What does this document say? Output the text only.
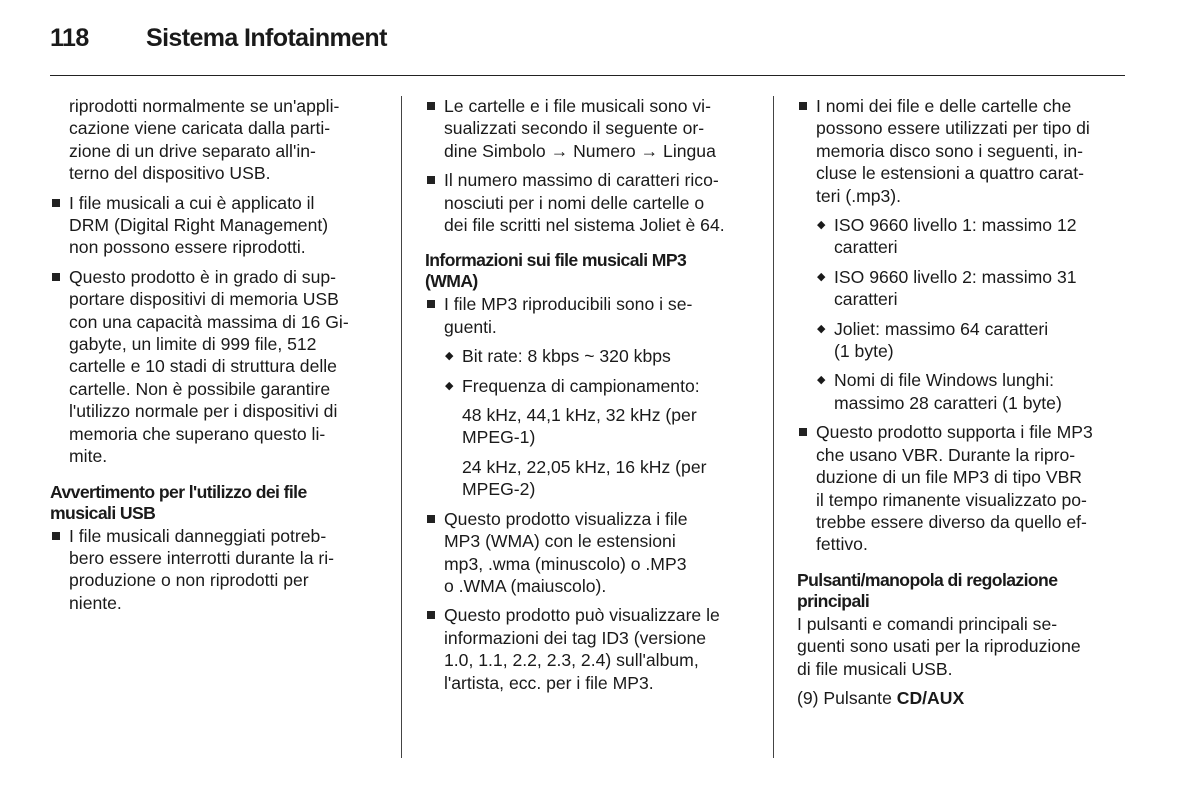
118	Sistema Infotainment
riprodotti normalmente se un'appli-
cazione viene caricata dalla parti-
zione di un drive separato all'in-
terno del dispositivo USB.
I file musicali a cui è applicato il
DRM (Digital Right Management)
non possono essere riprodotti.
Questo prodotto è in grado di sup-
portare dispositivi di memoria USB
con una capacità massima di 16 Gi-
gabyte, un limite di 999 file, 512
cartelle e 10 stadi di struttura delle
cartelle. Non è possibile garantire
l'utilizzo normale per i dispositivi di
memoria che superano questo li-
mite.
Avvertimento per l'utilizzo dei file
musicali USB
I file musicali danneggiati potreb-
bero essere interrotti durante la ri-
produzione o non riprodotti per
niente.
Le cartelle e i file musicali sono vi-
sualizzati secondo il seguente or-
dine Simbolo → Numero → Lingua
Il numero massimo di caratteri rico-
nosciuti per i nomi delle cartelle o
dei file scritti nel sistema Joliet è 64.
Informazioni sui file musicali MP3
(WMA)
I file MP3 riproducibili sono i se-
guenti.
◆ Bit rate: 8 kbps ~ 320 kbps
◆ Frequenza di campionamento:
48 kHz, 44,1 kHz, 32 kHz (per
MPEG-1)
24 kHz, 22,05 kHz, 16 kHz (per
MPEG-2)
Questo prodotto visualizza i file
MP3 (WMA) con le estensioni
mp3, .wma (minuscolo) o .MP3
o .WMA (maiuscolo).
Questo prodotto può visualizzare le
informazioni dei tag ID3 (versione
1.0, 1.1, 2.2, 2.3, 2.4) sull'album,
l'artista, ecc. per i file MP3.
I nomi dei file e delle cartelle che
possono essere utilizzati per tipo di
memoria disco sono i seguenti, in-
cluse le estensioni a quattro carat-
teri (.mp3).
◆ ISO 9660 livello 1: massimo 12
caratteri
◆ ISO 9660 livello 2: massimo 31
caratteri
◆ Joliet: massimo 64 caratteri
(1 byte)
◆ Nomi di file Windows lunghi:
massimo 28 caratteri (1 byte)
Questo prodotto supporta i file MP3
che usano VBR. Durante la ripro-
duzione di un file MP3 di tipo VBR
il tempo rimanente visualizzato po-
trebbe essere diverso da quello ef-
fettivo.
Pulsanti/manopola di regolazione
principali
I pulsanti e comandi principali se-
guenti sono usati per la riproduzione
di file musicali USB.
(9) Pulsante CD/AUX
